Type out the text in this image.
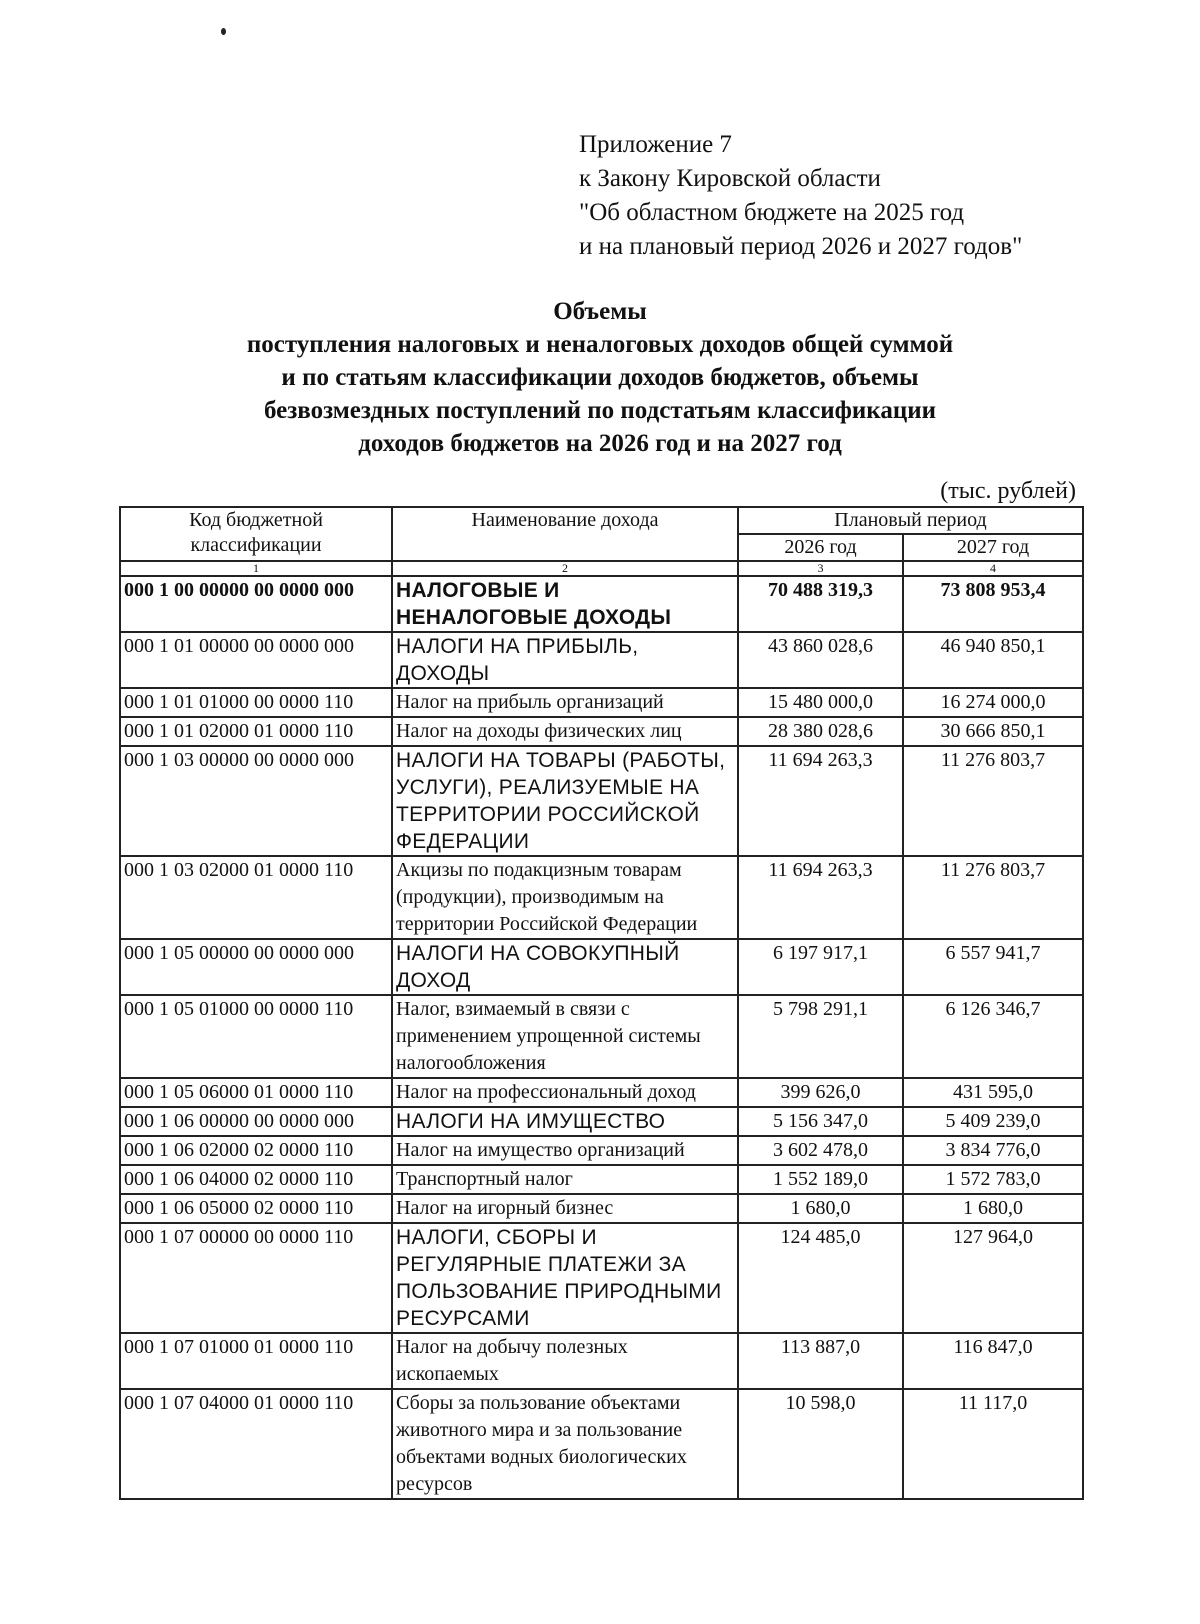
Приложение 7
к Закону Кировской области
"Об областном бюджете на 2025 год
и на плановый период 2026 и 2027 годов"
Объемы
поступления налоговых и неналоговых доходов общей суммой
и по статьям классификации доходов бюджетов, объемы
безвозмездных поступлений по подстатьям классификации
доходов бюджетов на 2026 год и на 2027 год
(тыс. рублей)
Код бюджетной классификации	Наименование дохода	Плановый период	
		2026 год	2027 год
1	2	3	4
000 1 00 00000 00 0000 000	НАЛОГОВЫЕ И НЕНАЛОГОВЫЕ ДОХОДЫ	70 488 319,3	73 808 953,4
000 1 01 00000 00 0000 000	НАЛОГИ НА ПРИБЫЛЬ, ДОХОДЫ	43 860 028,6	46 940 850,1
000 1 01 01000 00 0000 110	Налог на прибыль организаций	15 480 000,0	16 274 000,0
000 1 01 02000 01 0000 110	Налог на доходы физических лиц	28 380 028,6	30 666 850,1
000 1 03 00000 00 0000 000	НАЛОГИ НА ТОВАРЫ (РАБОТЫ, УСЛУГИ), РЕАЛИЗУЕМЫЕ НА ТЕРРИТОРИИ РОССИЙСКОЙ ФЕДЕРАЦИИ	11 694 263,3	11 276 803,7
000 1 03 02000 01 0000 110	Акцизы по подакцизным товарам (продукции), производимым на территории Российской Федерации	11 694 263,3	11 276 803,7
000 1 05 00000 00 0000 000	НАЛОГИ НА СОВОКУПНЫЙ ДОХОД	6 197 917,1	6 557 941,7
000 1 05 01000 00 0000 110	Налог, взимаемый в связи с применением упрощенной системы налогообложения	5 798 291,1	6 126 346,7
000 1 05 06000 01 0000 110	Налог на профессиональный доход	399 626,0	431 595,0
000 1 06 00000 00 0000 000	НАЛОГИ НА ИМУЩЕСТВО	5 156 347,0	5 409 239,0
000 1 06 02000 02 0000 110	Налог на имущество организаций	3 602 478,0	3 834 776,0
000 1 06 04000 02 0000 110	Транспортный налог	1 552 189,0	1 572 783,0
000 1 06 05000 02 0000 110	Налог на игорный бизнес	1 680,0	1 680,0
000 1 07 00000 00 0000 110	НАЛОГИ, СБОРЫ И РЕГУЛЯРНЫЕ ПЛАТЕЖИ ЗА ПОЛЬЗОВАНИЕ ПРИРОДНЫМИ РЕСУРСАМИ	124 485,0	127 964,0
000 1 07 01000 01 0000 110	Налог на добычу полезных ископаемых	113 887,0	116 847,0
000 1 07 04000 01 0000 110	Сборы за пользование объектами животного мира и за пользование объектами водных биологических ресурсов	10 598,0	11 117,0
